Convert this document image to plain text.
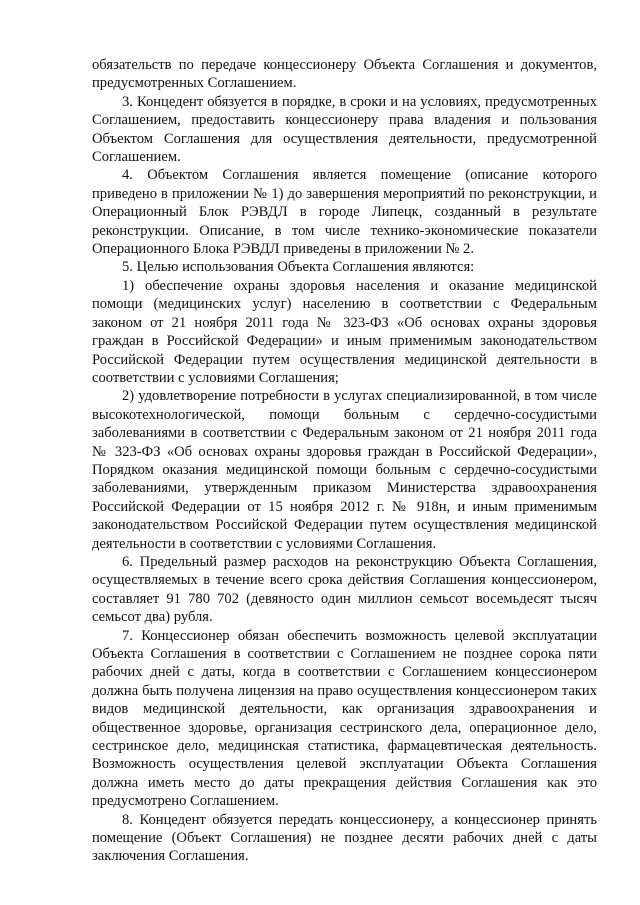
обязательств по передаче концессионеру Объекта Соглашения и документов, предусмотренных Соглашением.

3. Концедент обязуется в порядке, в сроки и на условиях, предусмотренных Соглашением, предоставить концессионеру права владения и пользования Объектом Соглашения для осуществления деятельности, предусмотренной Соглашением.

4. Объектом Соглашения является помещение (описание которого приведено в приложении № 1) до завершения мероприятий по реконструкции, и Операционный Блок РЭВДЛ в городе Липецк, созданный в результате реконструкции. Описание, в том числе технико-экономические показатели Операционного Блока РЭВДЛ приведены в приложении № 2.

5. Целью использования Объекта Соглашения являются:

1) обеспечение охраны здоровья населения и оказание медицинской помощи (медицинских услуг) населению в соответствии с Федеральным законом от 21 ноября 2011 года № 323-ФЗ «Об основах охраны здоровья граждан в Российской Федерации» и иным применимым законодательством Российской Федерации путем осуществления медицинской деятельности в соответствии с условиями Соглашения;

2) удовлетворение потребности в услугах специализированной, в том числе высокотехнологической, помощи больным с сердечно-сосудистыми заболеваниями в соответствии с Федеральным законом от 21 ноября 2011 года № 323-ФЗ «Об основах охраны здоровья граждан в Российской Федерации», Порядком оказания медицинской помощи больным с сердечно-сосудистыми заболеваниями, утвержденным приказом Министерства здравоохранения Российской Федерации от 15 ноября 2012 г. № 918н, и иным применимым законодательством Российской Федерации путем осуществления медицинской деятельности в соответствии с условиями Соглашения.

6. Предельный размер расходов на реконструкцию Объекта Соглашения, осуществляемых в течение всего срока действия Соглашения концессионером, составляет 91 780 702 (девяносто один миллион семьсот восемьдесят тысяч семьсот два) рубля.

7. Концессионер обязан обеспечить возможность целевой эксплуатации Объекта Соглашения в соответствии с Соглашением не позднее сорока пяти рабочих дней с даты, когда в соответствии с Соглашением концессионером должна быть получена лицензия на право осуществления концессионером таких видов медицинской деятельности, как организация здравоохранения и общественное здоровье, организация сестринского дела, операционное дело, сестринское дело, медицинская статистика, фармацевтическая деятельность. Возможность осуществления целевой эксплуатации Объекта Соглашения должна иметь место до даты прекращения действия Соглашения как это предусмотрено Соглашением.

8. Концедент обязуется передать концессионеру, а концессионер принять помещение (Объект Соглашения) не позднее десяти рабочих дней с даты заключения Соглашения.
